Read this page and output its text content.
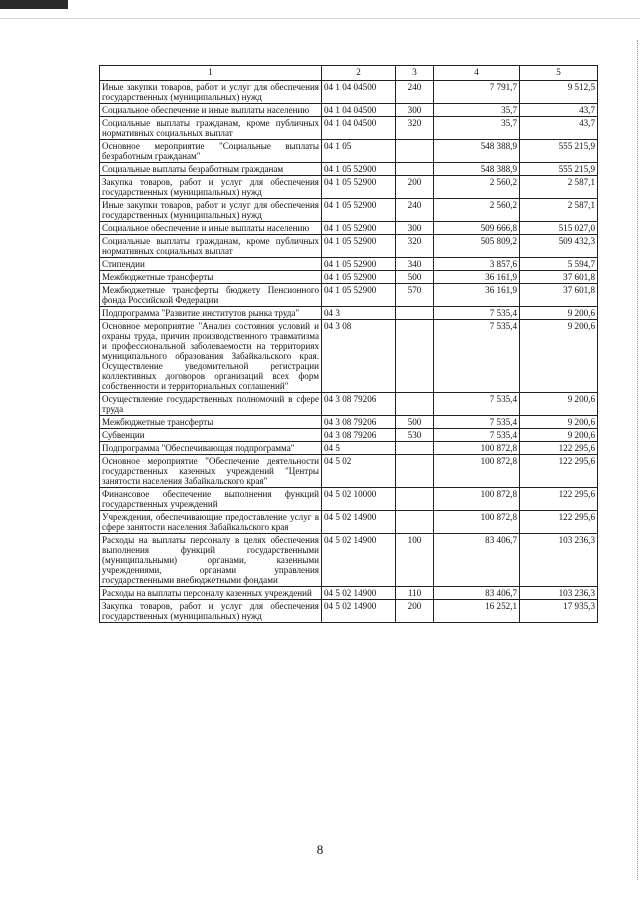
1	2	3	4	5
Иные закупки товаров, работ и услуг для обеспечения государственных (муниципальных) нужд	04 1 04 04500	240	7 791,7	9 512,5
Социальное обеспечение и иные выплаты населению	04 1 04 04500	300	35,7	43,7
Социальные выплаты гражданам, кроме публичных нормативных социальных выплат	04 1 04 04500	320	35,7	43,7
Основное мероприятие "Социальные выплаты безработным гражданам"	04 1 05		548 388,9	555 215,9
Социальные выплаты безработным гражданам	04 1 05 52900		548 388,9	555 215,9
Закупка товаров, работ и услуг для обеспечения государственных (муниципальных) нужд	04 1 05 52900	200	2 560,2	2 587,1
Иные закупки товаров, работ и услуг для обеспечения государственных (муниципальных) нужд	04 1 05 52900	240	2 560,2	2 587,1
Социальное обеспечение и иные выплаты населению	04 1 05 52900	300	509 666,8	515 027,0
Социальные выплаты гражданам, кроме публичных нормативных социальных выплат	04 1 05 52900	320	505 809,2	509 432,3
Стипендии	04 1 05 52900	340	3 857,6	5 594,7
Межбюджетные трансферты	04 1 05 52900	500	36 161,9	37 601,8
Межбюджетные трансферты бюджету Пенсионного фонда Российской Федерации	04 1 05 52900	570	36 161,9	37 601,8
Подпрограмма "Развитие институтов рынка труда"	04 3		7 535,4	9 200,6
Основное мероприятие "Анализ состояния условий и охраны труда, причин производственного травматизма и профессиональной заболеваемости на территориях муниципального образования Забайкальского края. Осуществление уведомительной регистрации коллективных договоров организаций всех форм собственности и территориальных соглашений"	04 3 08		7 535,4	9 200,6
Осуществление государственных полномочий в сфере труда	04 3 08 79206		7 535,4	9 200,6
Межбюджетные трансферты	04 3 08 79206	500	7 535,4	9 200,6
Субвенции	04 3 08 79206	530	7 535,4	9 200,6
Подпрограмма "Обеспечивающая подпрограмма"	04 5		100 872,8	122 295,6
Основное мероприятие "Обеспечение деятельности государственных казенных учреждений "Центры занятости населения Забайкальского края"	04 5 02		100 872,8	122 295,6
Финансовое обеспечение выполнения функций государственных учреждений	04 5 02 10000		100 872,8	122 295,6
Учреждения, обеспечивающие предоставление услуг в сфере занятости населения Забайкальского края	04 5 02 14900		100 872,8	122 295,6
Расходы на выплаты персоналу в целях обеспечения выполнения функций государственными (муниципальными) органами, казенными учреждениями, органами управления государственными внебюджетными фондами	04 5 02 14900	100	83 406,7	103 236,3
Расходы на выплаты персоналу казенных учреждений	04 5 02 14900	110	83 406,7	103 236,3
Закупка товаров, работ и услуг для обеспечения государственных (муниципальных) нужд	04 5 02 14900	200	16 252,1	17 935,3
8
